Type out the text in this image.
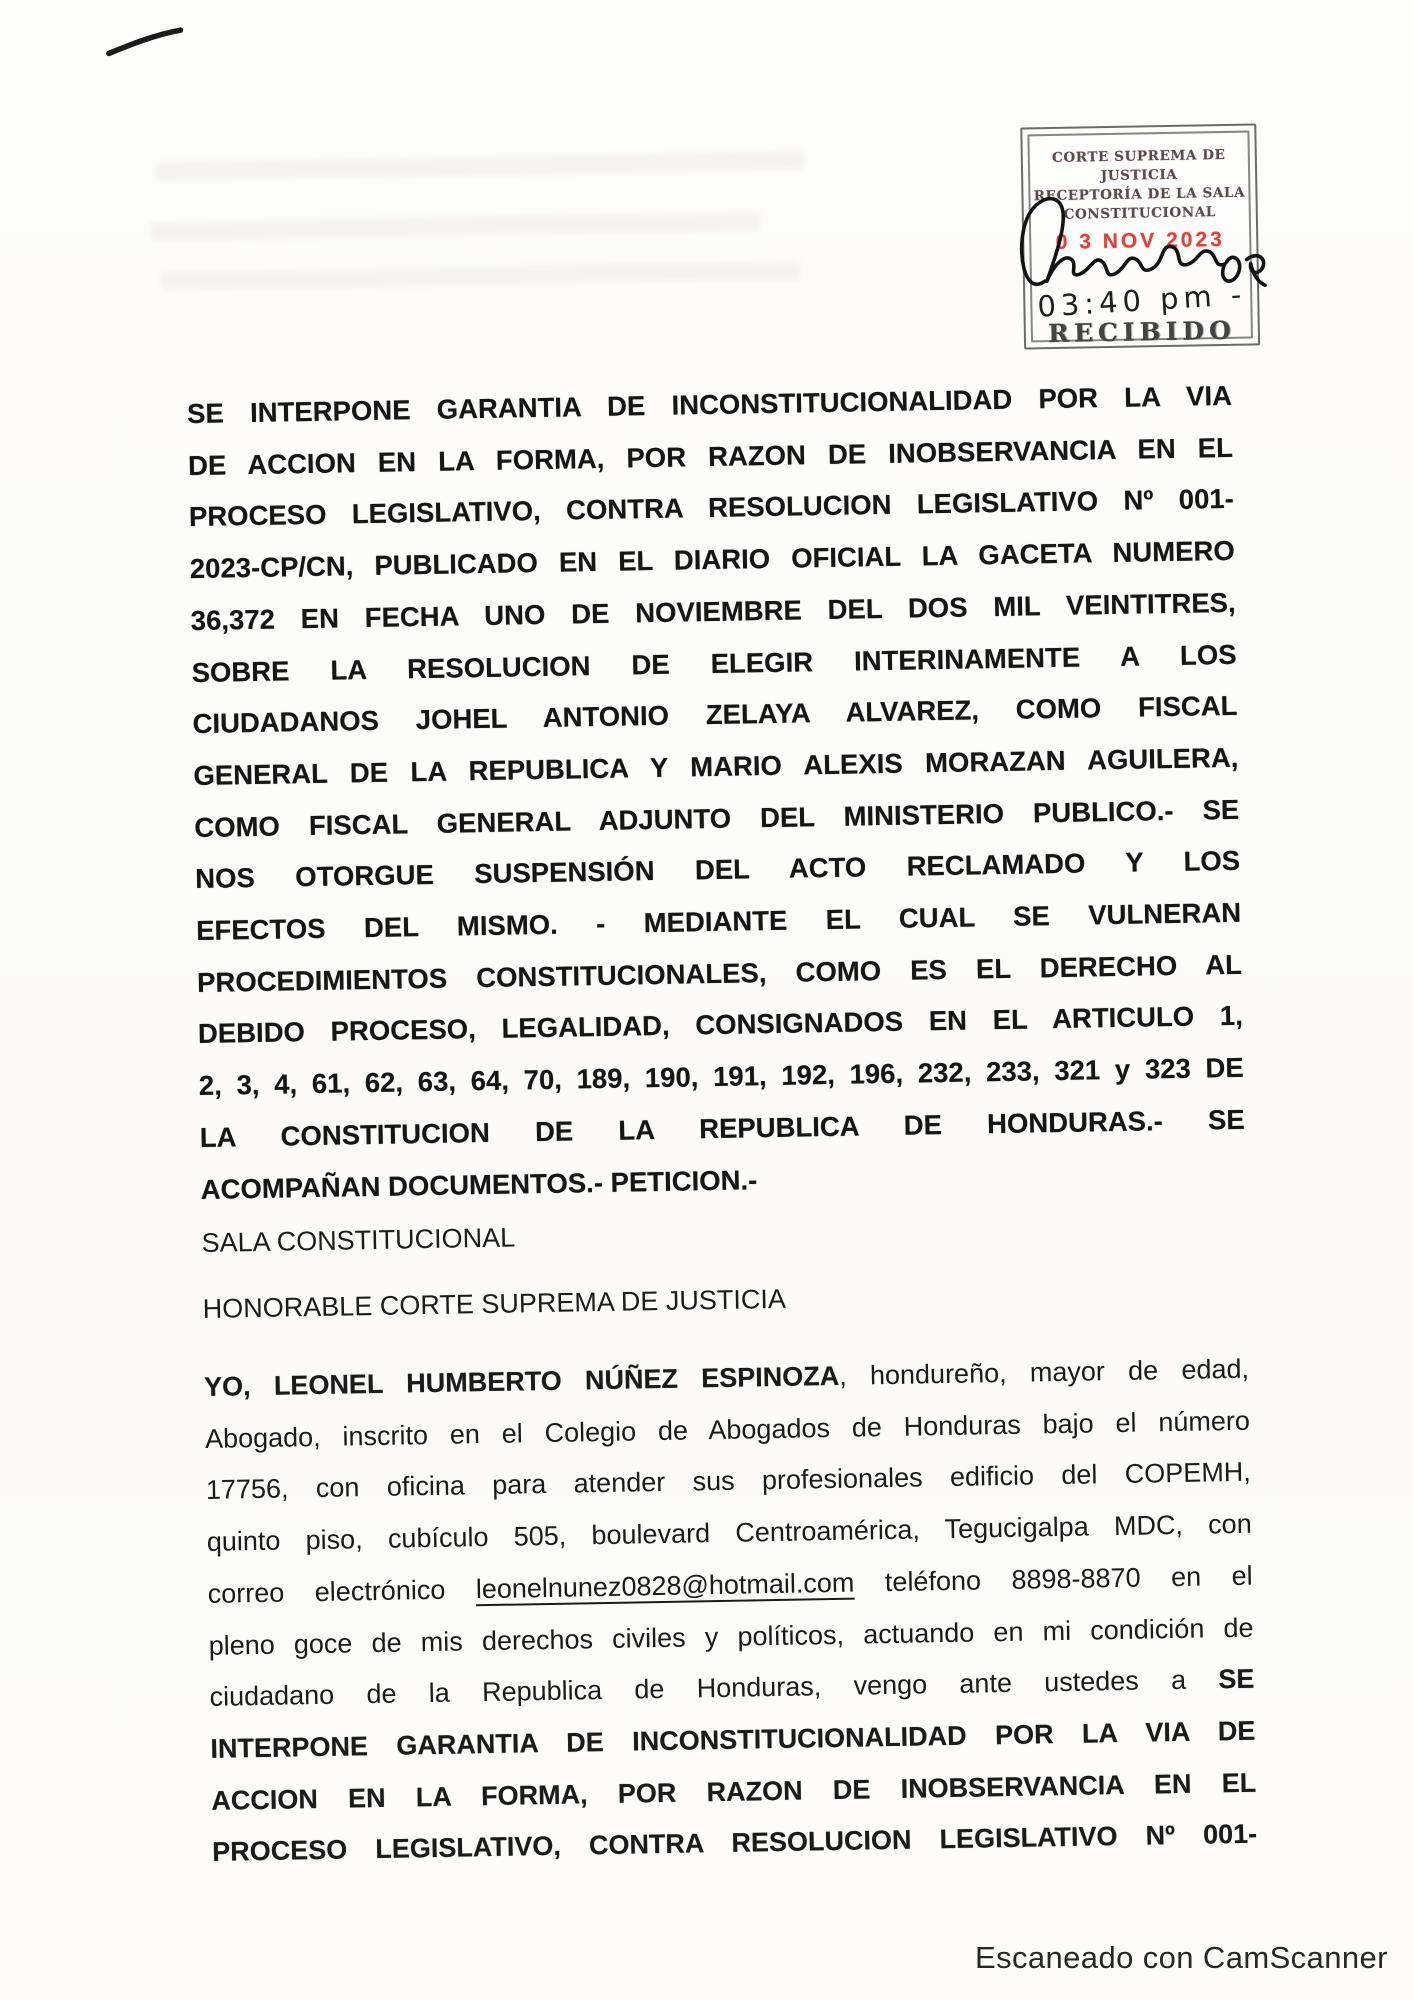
CORTE SUPREMA DE JUSTICIA
RECEPTORÍA DE LA SALA
CONSTITUCIONAL
0 3 NOV 2023
03:40 pm -
RECIBIDO
SE INTERPONE GARANTIA DE INCONSTITUCIONALIDAD POR LA VIA
DE ACCION EN LA FORMA, POR RAZON DE INOBSERVANCIA EN EL
PROCESO LEGISLATIVO, CONTRA RESOLUCION LEGISLATIVO Nº 001-
2023-CP/CN, PUBLICADO EN EL DIARIO OFICIAL LA GACETA NUMERO
36,372 EN FECHA UNO DE NOVIEMBRE DEL DOS MIL VEINTITRES,
SOBRE LA RESOLUCION DE ELEGIR INTERINAMENTE A LOS
CIUDADANOS JOHEL ANTONIO ZELAYA ALVAREZ, COMO FISCAL
GENERAL DE LA REPUBLICA Y MARIO ALEXIS MORAZAN AGUILERA,
COMO FISCAL GENERAL ADJUNTO DEL MINISTERIO PUBLICO.- SE
NOS OTORGUE SUSPENSIÓN DEL ACTO RECLAMADO Y LOS
EFECTOS DEL MISMO. - MEDIANTE EL CUAL SE VULNERAN
PROCEDIMIENTOS CONSTITUCIONALES, COMO ES EL DERECHO AL
DEBIDO PROCESO, LEGALIDAD, CONSIGNADOS EN EL ARTICULO 1,
2, 3, 4, 61, 62, 63, 64, 70, 189, 190, 191, 192, 196, 232, 233, 321 y 323 DE
LA CONSTITUCION DE LA REPUBLICA DE HONDURAS.- SE
ACOMPAÑAN DOCUMENTOS.- PETICION.-
SALA CONSTITUCIONAL
HONORABLE CORTE SUPREMA DE JUSTICIA
YO, LEONEL HUMBERTO NÚÑEZ ESPINOZA, hondureño, mayor de edad,
Abogado, inscrito en el Colegio de Abogados de Honduras bajo el número
17756, con oficina para atender sus profesionales edificio del COPEMH,
quinto piso, cubículo 505, boulevard Centroamérica, Tegucigalpa MDC, con
correo electrónico leonelnunez0828@hotmail.com teléfono 8898-8870 en el
pleno goce de mis derechos civiles y políticos, actuando en mi condición de
ciudadano de la Republica de Honduras, vengo ante ustedes a SE
INTERPONE GARANTIA DE INCONSTITUCIONALIDAD POR LA VIA DE
ACCION EN LA FORMA, POR RAZON DE INOBSERVANCIA EN EL
PROCESO LEGISLATIVO, CONTRA RESOLUCION LEGISLATIVO Nº 001-
Escaneado con CamScanner
